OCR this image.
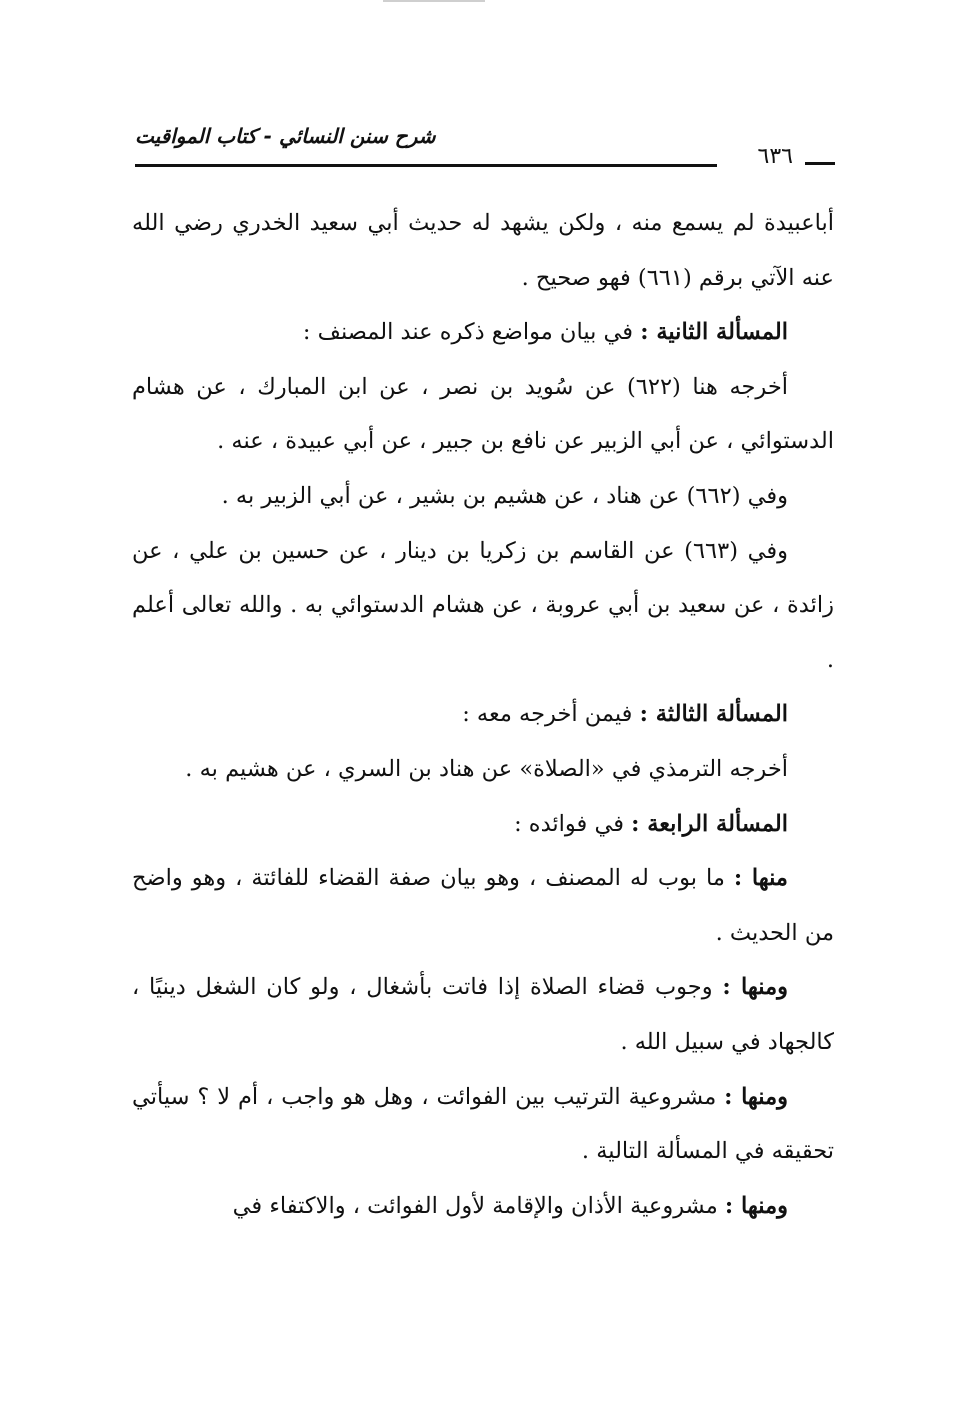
شرح سنن النسائي - كتاب المواقيت
٦٣٦

أباعبيدة لم يسمع منه ، ولكن يشهد له حديث أبي سعيد الخدري رضي الله عنه الآتي برقم (٦٦١) فهو صحيح .

المسألة الثانية : في بيان مواضع ذكره عند المصنف :

أخرجه هنا (٦٢٢) عن سُويد بن نصر ، عن ابن المبارك ، عن هشام الدستوائي ، عن أبي الزبير عن نافع بن جبير ، عن أبي عبيدة ، عنه .

وفي (٦٦٢) عن هناد ، عن هشيم بن بشير ، عن أبي الزبير به .

وفي (٦٦٣) عن القاسم بن زكريا بن دينار ، عن حسين بن علي ، عن زائدة ، عن سعيد بن أبي عروبة ، عن هشام الدستوائي به . والله تعالى أعلم .

المسألة الثالثة : فيمن أخرجه معه :

أخرجه الترمذي في «الصلاة» عن هناد بن السري ، عن هشيم به .

المسألة الرابعة : في فوائده :

منها : ما بوب له المصنف ، وهو بيان صفة القضاء للفائتة ، وهو واضح من الحديث .

ومنها : وجوب قضاء الصلاة إذا فاتت بأشغال ، ولو كان الشغل دينيًا ، كالجهاد في سبيل الله .

ومنها : مشروعية الترتيب بين الفوائت ، وهل هو واجب ، أم لا ؟ سيأتي تحقيقه في المسألة التالية .

ومنها : مشروعية الأذان والإقامة لأول الفوائت ، والاكتفاء في
